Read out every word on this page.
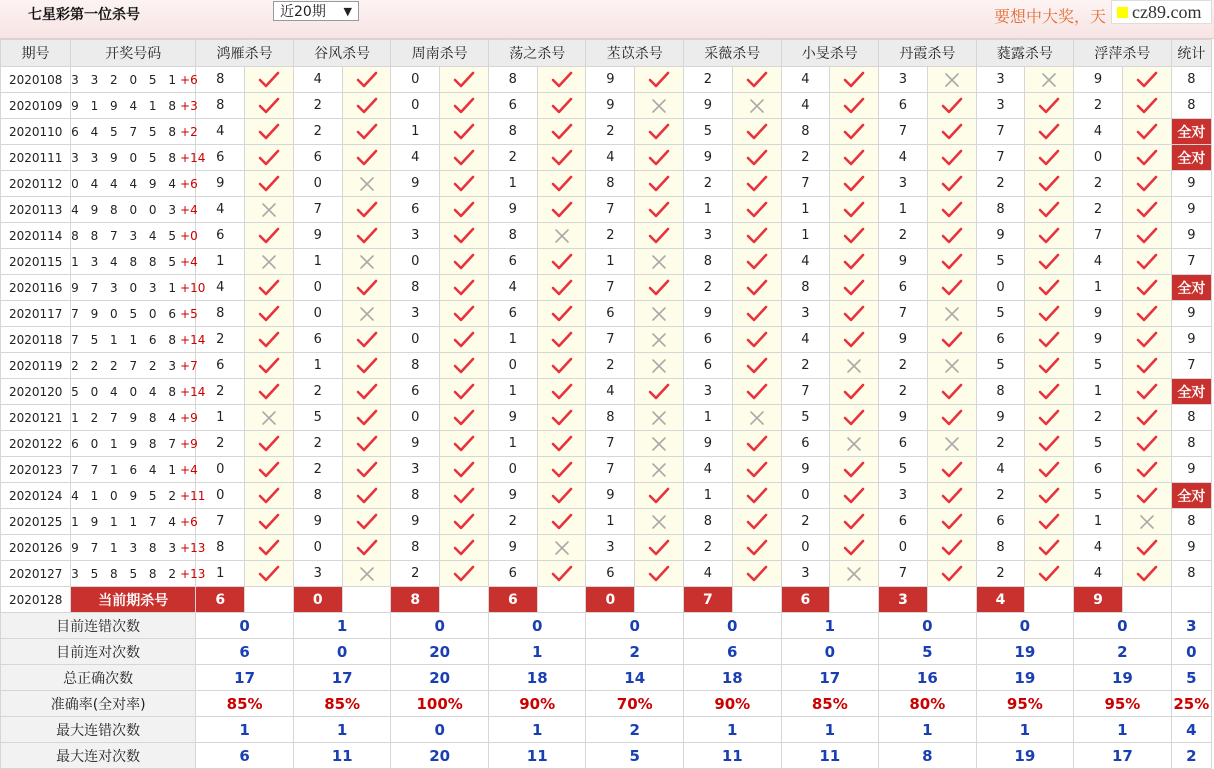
七星彩第一位杀号	近20期 ▼	要想中大奖，天	cz89.com
期号	开奖号码	鸿雁杀号		谷风杀号		周南杀号		荡之杀号		苤苡杀号		采薇杀号		小旻杀号		丹霞杀号		蕤露杀号		浮萍杀号		统计
2020108	3 3 2 0 5 1+6	8		4		0		8		9		2		4		3		3		9		8
2020109	9 1 9 4 1 8+3	8		2		0		6		9		9		4		6		3		2		8
2020110	6 4 5 7 5 8+2	4		2		1		8		2		5		8		7		7		4		全对
2020111	3 3 9 0 5 8+14	6		6		4		2		4		9		2		4		7		0		全对
2020112	0 4 4 4 9 4+6	9		0		9		1		8		2		7		3		2		2		9
2020113	4 9 8 0 0 3+4	4		7		6		9		7		1		1		1		8		2		9
2020114	8 8 7 3 4 5+0	6		9		3		8		2		3		1		2		9		7		9
2020115	1 3 4 8 8 5+4	1		1		0		6		1		8		4		9		5		4		7
2020116	9 7 3 0 3 1+10	4		0		8		4		7		2		8		6		0		1		全对
2020117	7 9 0 5 0 6+5	8		0		3		6		6		9		3		7		5		9		9
2020118	7 5 1 1 6 8+14	2		6		0		1		7		6		4		9		6		9		9
2020119	2 2 2 7 2 3+7	6		1		8		0		2		6		2		2		5		5		7
2020120	5 0 4 0 4 8+14	2		2		6		1		4		3		7		2		8		1		全对
2020121	1 2 7 9 8 4+9	1		5		0		9		8		1		5		9		9		2		8
2020122	6 0 1 9 8 7+9	2		2		9		1		7		9		6		6		2		5		8
2020123	7 7 1 6 4 1+4	0		2		3		0		7		4		9		5		4		6		9
2020124	4 1 0 9 5 2+11	0		8		8		9		9		1		0		3		2		5		全对
2020125	1 9 1 1 7 4+6	7		9		9		2		1		8		2		6		6		1		8
2020126	9 7 1 3 8 3+13	8		0		8		9		3		2		0		0		8		4		9
2020127	3 5 8 5 8 2+13	1		3		2		6		6		4		3		7		2		4		8
2020128	当前期杀号	6		0		8		6		0		7		6		3		4		9		
目前连错次数		0		1		0		0		0		0		1		0		0		0		3
目前连对次数		6		0		20		1		2		6		0		5		19		2		0
总正确次数		17		17		20		18		14		18		17		16		19		19		5
准确率(全对率)		85%		85%		100%		90%		70%		90%		85%		80%		95%		95%		25%
最大连错次数		1		1		0		1		2		1		1		1		1		1		4
最大连对次数		6		11		20		11		5		11		11		8		19		17		2
